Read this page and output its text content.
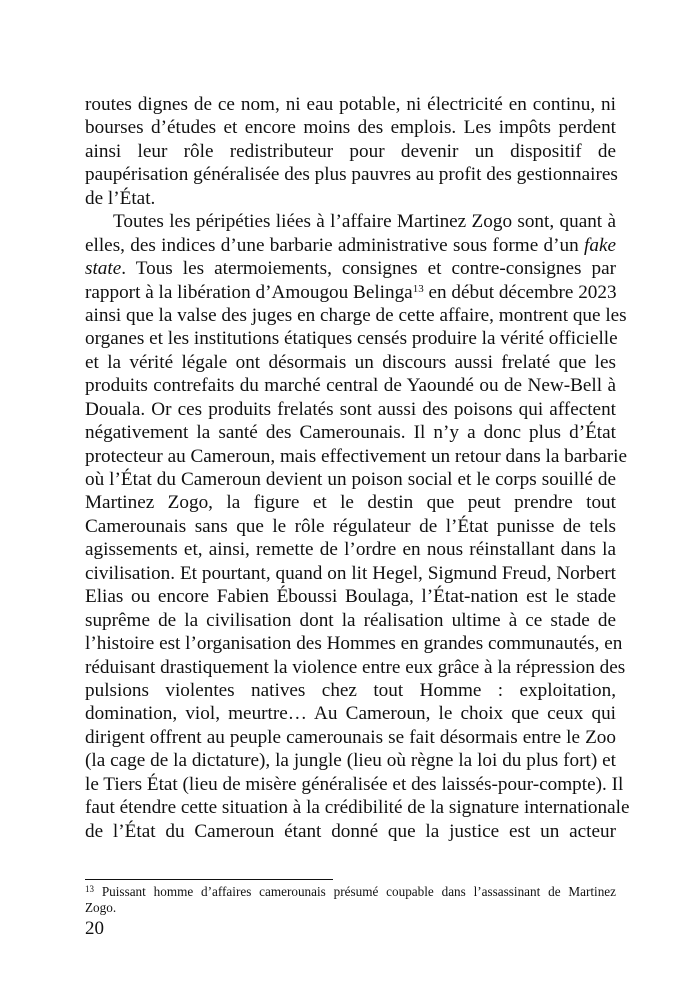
routes dignes de ce nom, ni eau potable, ni électricité en continu, ni
bourses d’études et encore moins des emplois. Les impôts perdent
ainsi leur rôle redistributeur pour devenir un dispositif de
paupérisation généralisée des plus pauvres au profit des gestionnaires
de l’État.
Toutes les péripéties liées à l’affaire Martinez Zogo sont, quant à
elles, des indices d’une barbarie administrative sous forme d’un fake
state. Tous les atermoiements, consignes et contre-consignes par
rapport à la libération d’Amougou Belinga$^{13}$ en début décembre 2023
ainsi que la valse des juges en charge de cette affaire, montrent que les
organes et les institutions étatiques censés produire la vérité officielle
et la vérité légale ont désormais un discours aussi frelaté que les
produits contrefaits du marché central de Yaoundé ou de New-Bell à
Douala. Or ces produits frelatés sont aussi des poisons qui affectent
négativement la santé des Camerounais. Il n’y a donc plus d’État
protecteur au Cameroun, mais effectivement un retour dans la barbarie
où l’État du Cameroun devient un poison social et le corps souillé de
Martinez Zogo, la figure et le destin que peut prendre tout
Camerounais sans que le rôle régulateur de l’État punisse de tels
agissements et, ainsi, remette de l’ordre en nous réinstallant dans la
civilisation. Et pourtant, quand on lit Hegel, Sigmund Freud, Norbert
Elias ou encore Fabien Éboussi Boulaga, l’État-nation est le stade
suprême de la civilisation dont la réalisation ultime à ce stade de
l’histoire est l’organisation des Hommes en grandes communautés, en
réduisant drastiquement la violence entre eux grâce à la répression des
pulsions violentes natives chez tout Homme : exploitation,
domination, viol, meurtre… Au Cameroun, le choix que ceux qui
dirigent offrent au peuple camerounais se fait désormais entre le Zoo
(la cage de la dictature), la jungle (lieu où règne la loi du plus fort) et
le Tiers État (lieu de misère généralisée et des laissés-pour-compte). Il
faut étendre cette situation à la crédibilité de la signature internationale
de l’État du Cameroun étant donné que la justice est un acteur
$^{13}$ Puissant homme d’affaires camerounais présumé coupable dans l’assassinant de Martinez
Zogo.
20
